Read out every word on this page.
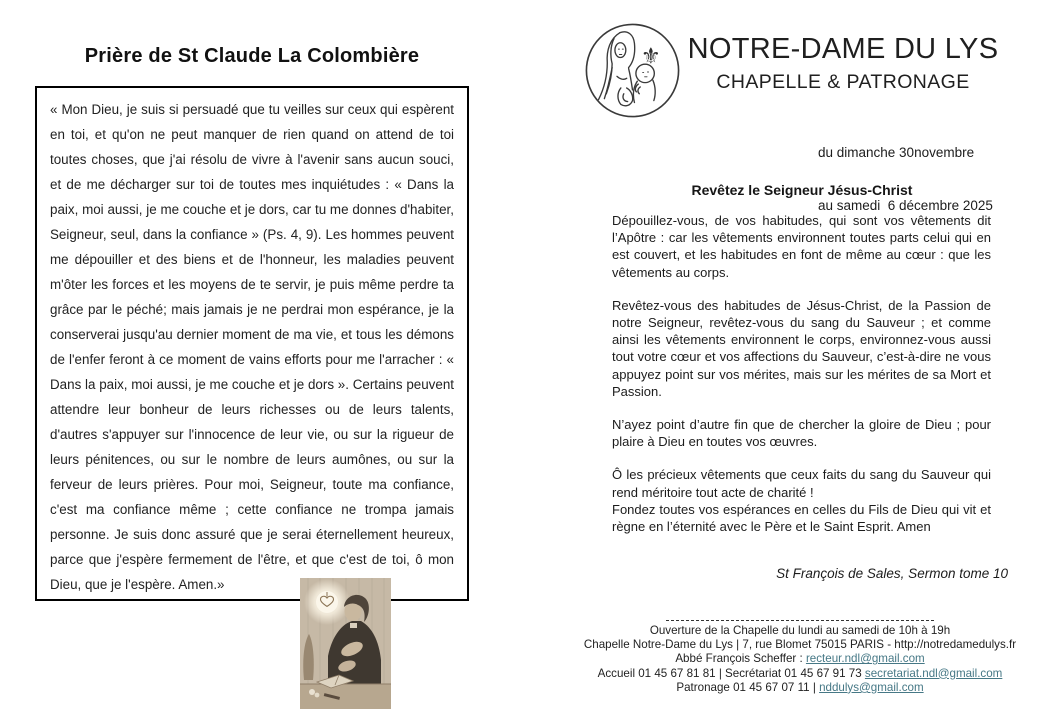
Prière de St Claude La Colombière

« Mon Dieu, je suis si persuadé que tu veilles sur ceux qui espèrent en toi, et qu'on ne peut manquer de rien quand on attend de toi toutes choses, que j'ai résolu de vivre à l'avenir sans aucun souci, et de me décharger sur toi de toutes mes inquiétudes : « Dans la paix, moi aussi, je me couche et je dors, car tu me donnes d'habiter, Seigneur, seul, dans la confiance » (Ps. 4, 9). Les hommes peuvent me dépouiller et des biens et de l'honneur, les maladies peuvent m'ôter les forces et les moyens de te servir, je puis même perdre ta grâce par le péché; mais jamais je ne perdrai mon espérance, je la conserverai jusqu'au dernier moment de ma vie, et tous les démons de l'enfer feront à ce moment de vains efforts pour me l'arracher : « Dans la paix, moi aussi, je me couche et je dors ». Certains peuvent attendre leur bonheur de leurs richesses ou de leurs talents, d'autres s'appuyer sur l'innocence de leur vie, ou sur la rigueur de leurs pénitences, ou sur le nombre de leurs aumônes, ou sur la ferveur de leurs prières. Pour moi, Seigneur, toute ma confiance, c'est ma confiance même ; cette confiance ne trompa jamais personne. Je suis donc assuré que je serai éternellement heureux, parce que j'espère fermement de l'être, et que c'est de toi, ô mon Dieu, que je l'espère. Amen.»

⚜ NOTRE-DAME DU LYS
CHAPELLE & PATRONAGE

du dimanche 30novembre

au samedi  6 décembre 2025

Revêtez le Seigneur Jésus-Christ

Dépouillez-vous, de vos habitudes, qui sont vos vêtements dit l’Apôtre : car les vêtements environnent toutes parts celui qui en est couvert, et les habitudes en font de même au cœur : que les vêtements au corps.

Revêtez-vous des habitudes de Jésus-Christ, de la Passion de notre Seigneur, revêtez-vous du sang du Sauveur ; et comme ainsi les vêtements environnent le corps, environnez-vous aussi tout votre cœur et vos affections du Sauveur, c’est-à-dire ne vous appuyez point sur vos mérites, mais sur les mérites de sa Mort et Passion.

N’ayez point d’autre fin que de chercher la gloire de Dieu ; pour plaire à Dieu en toutes vos œuvres.

Ô les précieux vêtements que ceux faits du sang du Sauveur qui rend méritoire tout acte de charité !

Fondez toutes vos espérances en celles du Fils de Dieu qui vit et règne en l’éternité avec le Père et le Saint Esprit. Amen

St François de Sales, Sermon tome 10
Ouverture de la Chapelle du lundi au samedi de 10h à 19h
Chapelle Notre-Dame du Lys | 7, rue Blomet 75015 PARIS - http://notredamedulys.fr
Abbé François Scheffer : recteur.ndl@gmail.com
Accueil 01 45 67 81 81 | Secrétariat 01 45 67 91 73 secretariat.ndl@gmail.com
Patronage 01 45 67 07 11 | nddulys@gmail.com
